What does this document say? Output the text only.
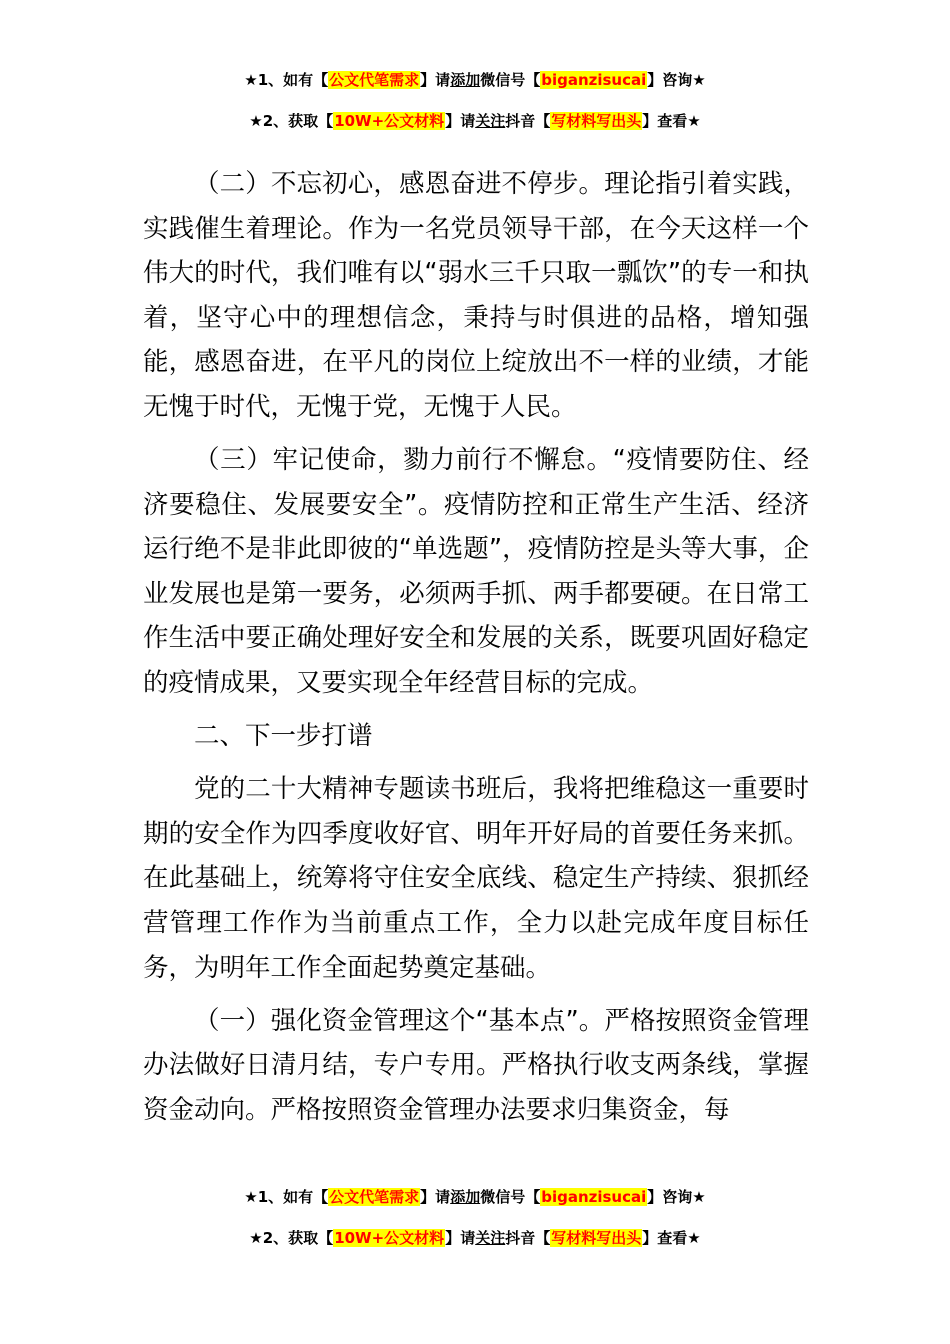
★1、如有【公文代笔需求】请添加微信号【biganzisucai】咨询★
★2、获取【10W+公文材料】请关注抖音【写材料写出头】查看★

（二）不忘初心，感恩奋进不停步。理论指引着实践，实践催生着理论。作为一名党员领导干部，在今天这样一个伟大的时代，我们唯有以“弱水三千只取一瓢饮”的专一和执着，坚守心中的理想信念，秉持与时俱进的品格，增知强能，感恩奋进，在平凡的岗位上绽放出不一样的业绩，才能无愧于时代，无愧于党，无愧于人民。

（三）牢记使命，勠力前行不懈怠。“疫情要防住、经济要稳住、发展要安全”。疫情防控和正常生产生活、经济运行绝不是非此即彼的“单选题”，疫情防控是头等大事，企业发展也是第一要务，必须两手抓、两手都要硬。在日常工作生活中要正确处理好安全和发展的关系，既要巩固好稳定的疫情成果，又要实现全年经营目标的完成。

二、下一步打谱

党的二十大精神专题读书班后，我将把维稳这一重要时期的安全作为四季度收好官、明年开好局的首要任务来抓。在此基础上，统筹将守住安全底线、稳定生产持续、狠抓经营管理工作作为当前重点工作，全力以赴完成年度目标任务，为明年工作全面起势奠定基础。

（一）强化资金管理这个“基本点”。严格按照资金管理办法做好日清月结，专户专用。严格执行收支两条线，掌握资金动向。严格按照资金管理办法要求归集资金，每

★1、如有【公文代笔需求】请添加微信号【biganzisucai】咨询★
★2、获取【10W+公文材料】请关注抖音【写材料写出头】查看★
